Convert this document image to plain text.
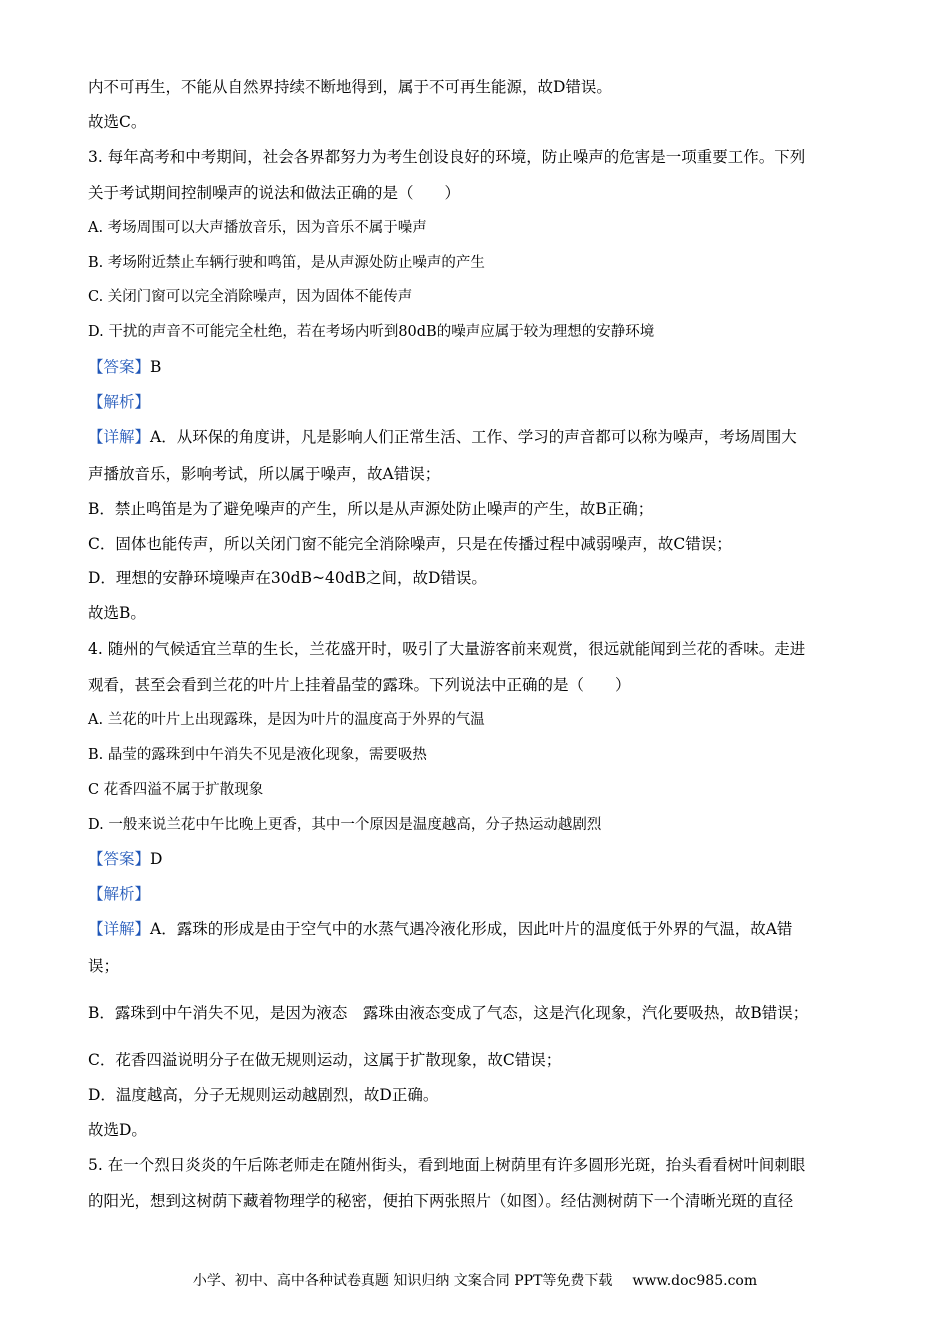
内不可再生，不能从自然界持续不断地得到，属于不可再生能源，故D错误。
故选C。
3. 每年高考和中考期间，社会各界都努力为考生创设良好的环境，防止噪声的危害是一项重要工作。下列
关于考试期间控制噪声的说法和做法正确的是（　　）
A. 考场周围可以大声播放音乐，因为音乐不属于噪声
B. 考场附近禁止车辆行驶和鸣笛，是从声源处防止噪声的产生
C. 关闭门窗可以完全消除噪声，因为固体不能传声
D. 干扰的声音不可能完全杜绝，若在考场内听到80dB的噪声应属于较为理想的安静环境
【答案】B
【解析】
【详解】A．从环保的角度讲，凡是影响人们正常生活、工作、学习的声音都可以称为噪声，考场周围大
声播放音乐，影响考试，所以属于噪声，故A错误；
B．禁止鸣笛是为了避免噪声的产生，所以是从声源处防止噪声的产生，故B正确；
C．固体也能传声，所以关闭门窗不能完全消除噪声，只是在传播过程中减弱噪声，故C错误；
D．理想的安静环境噪声在30dB~40dB之间，故D错误。
故选B。
4. 随州的气候适宜兰草的生长，兰花盛开时，吸引了大量游客前来观赏，很远就能闻到兰花的香味。走进
观看，甚至会看到兰花的叶片上挂着晶莹的露珠。下列说法中正确的是（　　）
A. 兰花的叶片上出现露珠，是因为叶片的温度高于外界的气温
B. 晶莹的露珠到中午消失不见是液化现象，需要吸热
C 花香四溢不属于扩散现象
D. 一般来说兰花中午比晚上更香，其中一个原因是温度越高，分子热运动越剧烈
【答案】D
【解析】
【详解】A．露珠的形成是由于空气中的水蒸气遇冷液化形成，因此叶片的温度低于外界的气温，故A错
误；
B．露珠到中午消失不见，是因为液态　露珠由液态变成了气态，这是汽化现象，汽化要吸热，故B错误；
C．花香四溢说明分子在做无规则运动，这属于扩散现象，故C错误；
D．温度越高，分子无规则运动越剧烈，故D正确。
故选D。
5. 在一个烈日炎炎的午后陈老师走在随州街头，看到地面上树荫里有许多圆形光斑，抬头看看树叶间刺眼
的阳光，想到这树荫下藏着物理学的秘密，便拍下两张照片（如图）。经估测树荫下一个清晰光斑的直径
小学、初中、高中各种试卷真题 知识归纳 文案合同 PPT等免费下载 www.doc985.com
